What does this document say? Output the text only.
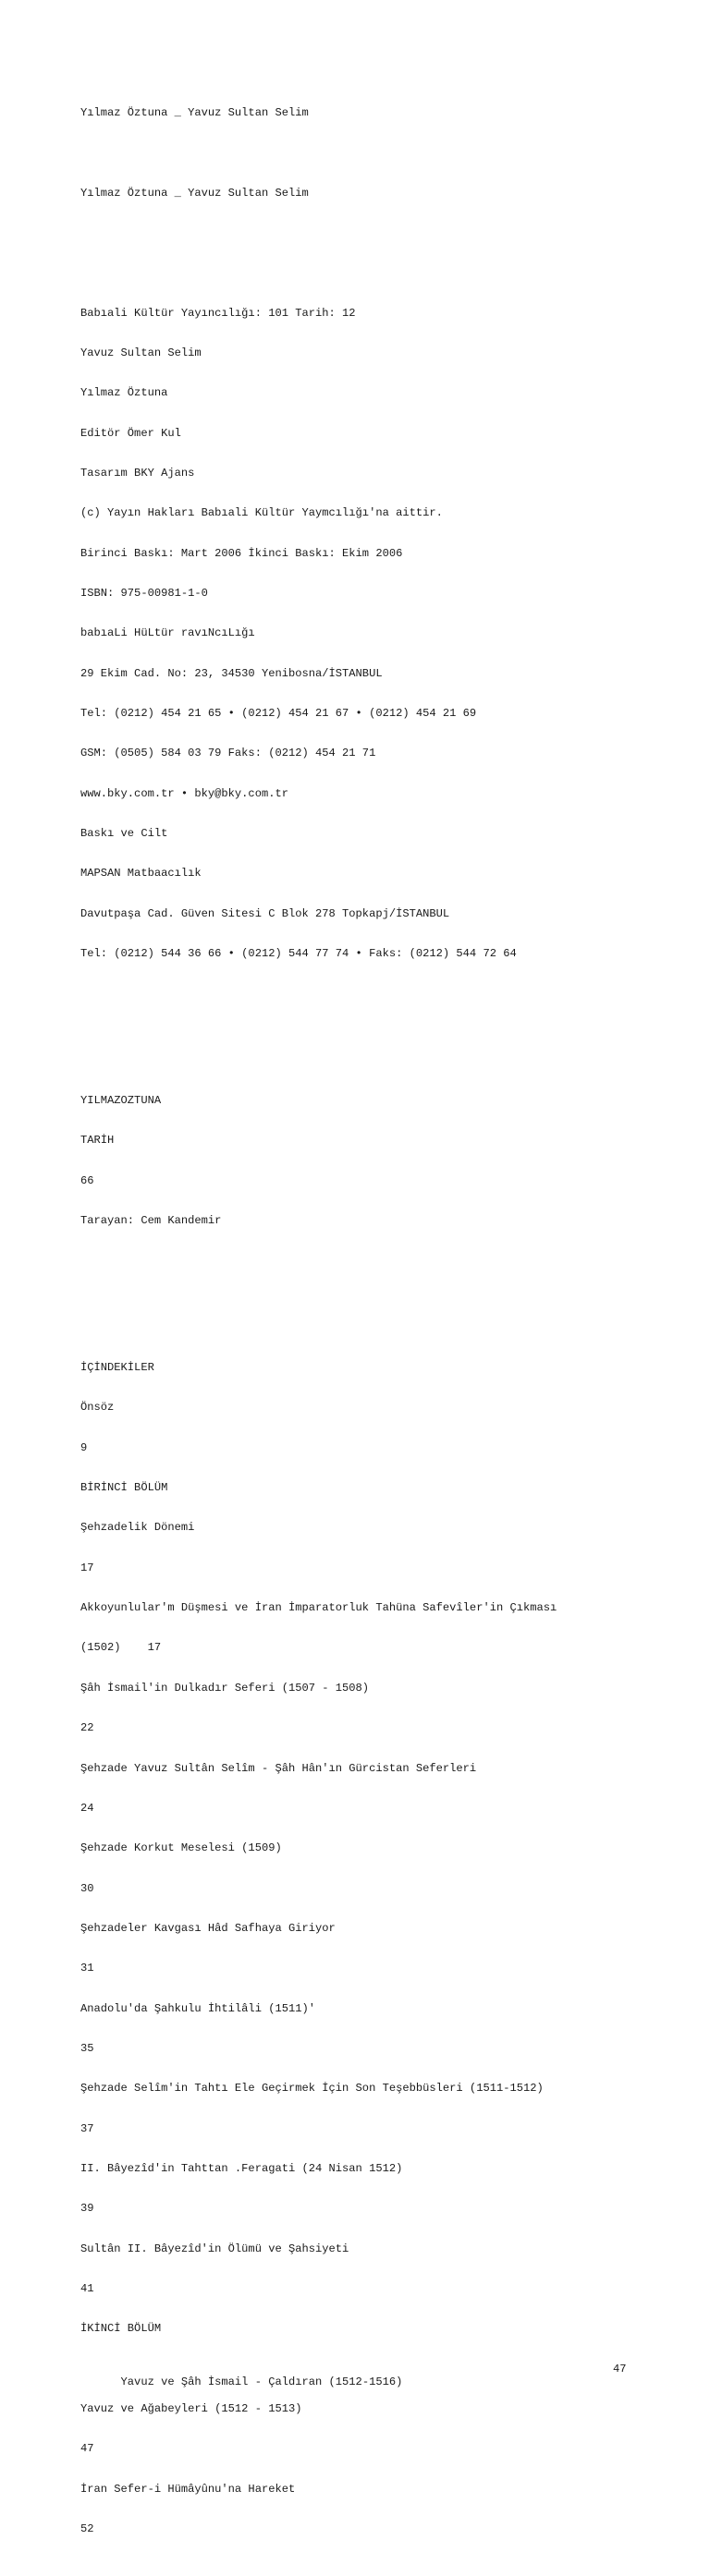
Yılmaz Öztuna _ Yavuz Sultan Selim

Yılmaz Öztuna _ Yavuz Sultan Selim

Babıali Kültür Yayıncılığı: 101 Tarih: 12

Yavuz Sultan Selim

Yılmaz Öztuna

Editör Ömer Kul

Tasarım BKY Ajans

(c) Yayın Hakları Babıali Kültür Yaymcılığı'na aittir.

Birinci Baskı: Mart 2006 İkinci Baskı: Ekim 2006

ISBN: 975-00981-1-0

babıaLi HüLtür ravıNcıLığı

29 Ekim Cad. No: 23, 34530 Yenibosna/İSTANBUL

Tel: (0212) 454 21 65 • (0212) 454 21 67 • (0212) 454 21 69

GSM: (0505) 584 03 79 Faks: (0212) 454 21 71

www.bky.com.tr • bky@bky.com.tr

Baskı ve Cilt

MAPSAN Matbaacılık

Davutpaşa Cad. Güven Sitesi C Blok 278 Topkapj/İSTANBUL

Tel: (0212) 544 36 66 • (0212) 544 77 74 • Faks: (0212) 544 72 64

YILMAZOZTUNA

TARİH

66

Tarayan: Cem Kandemir

İÇİNDEKİLER

Önsöz

9

BİRİNCİ BÖLÜM

Şehzadelik Dönemi

17

Akkoyunlular'm Düşmesi ve İran İmparatorluk Tahüna Safevîler'in Çıkması

(1502)    17

Şâh İsmail'in Dulkadır Seferi (1507 - 1508)

22

Şehzade Yavuz Sultân Selîm - Şâh Hân'ın Gürcistan Seferleri

24

Şehzade Korkut Meselesi (1509)

30

Şehzadeler Kavgası Hâd Safhaya Giriyor

31

Anadolu'da Şahkulu İhtilâli (1511)'

35

Şehzade Selîm'in Tahtı Ele Geçirmek İçin Son Teşebbüsleri (1511-1512)

37

II. Bâyezîd'in Tahttan .Feragati (24 Nisan 1512)

39

Sultân II. Bâyezîd'in Ölümü ve Şahsiyeti

41

İKİNCİ BÖLÜM

Yavuz ve Şâh İsmail - Çaldıran (1512-1516)

47

Yavuz ve Ağabeyleri (1512 - 1513)

47

İran Sefer-i Hümâyûnu'na Hareket

52
